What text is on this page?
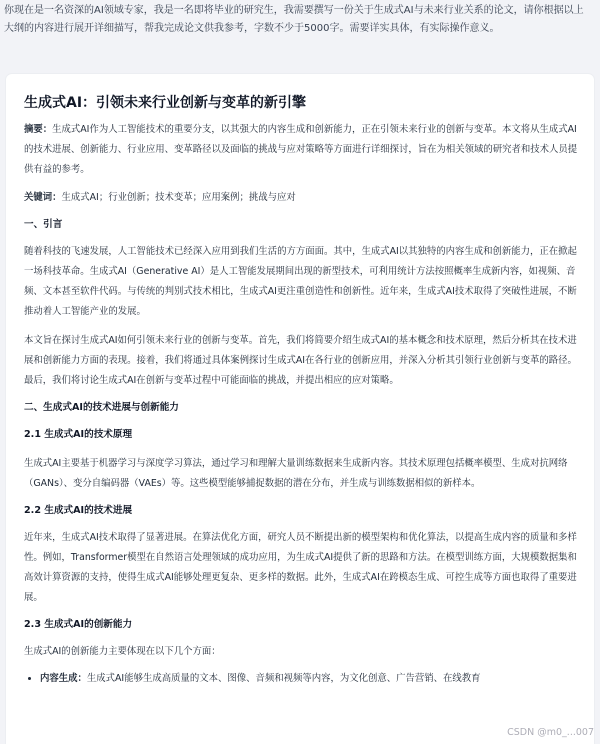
你现在是一名资深的AI领域专家，我是一名即将毕业的研究生，我需要撰写一份关于生成式AI与未来行业关系的论文，请你根据以上大纲的内容进行展开详细描写，帮我完成论文供我参考，字数不少于5000字。需要详实具体，有实际操作意义。
生成式AI：引领未来行业创新与变革的新引擎

摘要：生成式AI作为人工智能技术的重要分支，以其强大的内容生成和创新能力，正在引领未来行业的创新与变革。本文将从生成式AI的技术进展、创新能力、行业应用、变革路径以及面临的挑战与应对策略等方面进行详细探讨，旨在为相关领域的研究者和技术人员提供有益的参考。

关键词：生成式AI；行业创新；技术变革；应用案例；挑战与应对

一、引言

随着科技的飞速发展，人工智能技术已经深入应用到我们生活的方方面面。其中，生成式AI以其独特的内容生成和创新能力，正在掀起一场科技革命。生成式AI（Generative AI）是人工智能发展期间出现的新型技术，可利用统计方法按照概率生成新内容，如视频、音频、文本甚至软件代码。与传统的判别式技术相比，生成式AI更注重创造性和创新性。近年来，生成式AI技术取得了突破性进展，不断推动着人工智能产业的发展。

本文旨在探讨生成式AI如何引领未来行业的创新与变革。首先，我们将简要介绍生成式AI的基本概念和技术原理，然后分析其在技术进展和创新能力方面的表现。接着，我们将通过具体案例探讨生成式AI在各行业的创新应用，并深入分析其引领行业创新与变革的路径。最后，我们将讨论生成式AI在创新与变革过程中可能面临的挑战，并提出相应的应对策略。

二、生成式AI的技术进展与创新能力
2.1 生成式AI的技术原理

生成式AI主要基于机器学习与深度学习算法，通过学习和理解大量训练数据来生成新内容。其技术原理包括概率模型、生成对抗网络（GANs）、变分自编码器（VAEs）等。这些模型能够捕捉数据的潜在分布，并生成与训练数据相似的新样本。

2.2 生成式AI的技术进展

近年来，生成式AI技术取得了显著进展。在算法优化方面，研究人员不断提出新的模型架构和优化算法，以提高生成内容的质量和多样性。例如，Transformer模型在自然语言处理领域的成功应用，为生成式AI提供了新的思路和方法。在模型训练方面，大规模数据集和高效计算资源的支持，使得生成式AI能够处理更复杂、更多样的数据。此外，生成式AI在跨模态生成、可控生成等方面也取得了重要进展。

2.3 生成式AI的创新能力

生成式AI的创新能力主要体现在以下几个方面：

• 内容生成：生成式AI能够生成高质量的文本、图像、音频和视频等内容，为文化创意、广告营销、在线教育
CSDN @m0_...007
